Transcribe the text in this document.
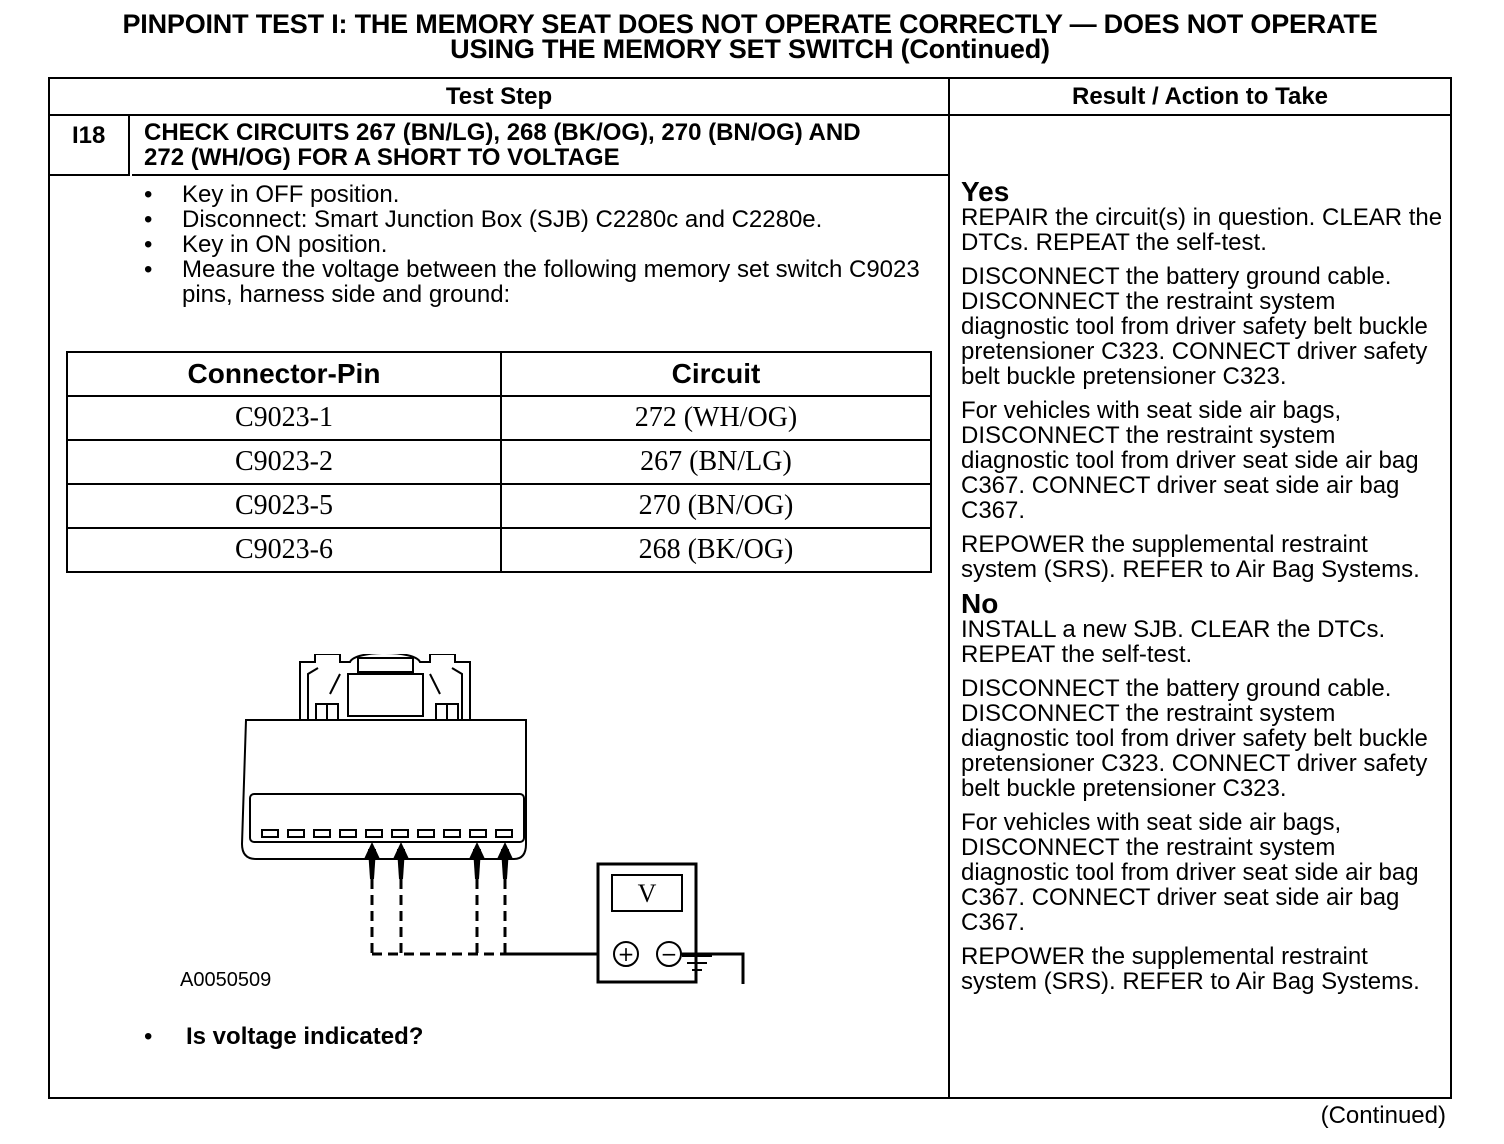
PINPOINT TEST I: THE MEMORY SEAT DOES NOT OPERATE CORRECTLY — DOES NOT OPERATE
USING THE MEMORY SET SWITCH (Continued)
Test Step	Result / Action to Take
I18	CHECK CIRCUITS 267 (BN/LG), 268 (BK/OG), 270 (BN/OG) AND
272 (WH/OG) FOR A SHORT TO VOLTAGE
• Key in OFF position.
• Disconnect: Smart Junction Box (SJB) C2280c and C2280e.
• Key in ON position.
• Measure the voltage between the following memory set switch C9023 pins, harness side and ground:
Connector-Pin	Circuit
C9023-1	272 (WH/OG)
C9023-2	267 (BN/LG)
C9023-5	270 (BN/OG)
C9023-6	268 (BK/OG)
V
+ −
A0050509
• Is voltage indicated?
Yes

REPAIR the circuit(s) in question. CLEAR the DTCs. REPEAT the self-test.

DISCONNECT the battery ground cable. DISCONNECT the restraint system diagnostic tool from driver safety belt buckle pretensioner C323. CONNECT driver safety belt buckle pretensioner C323.

For vehicles with seat side air bags, DISCONNECT the restraint system diagnostic tool from driver seat side air bag C367. CONNECT driver seat side air bag C367.

REPOWER the supplemental restraint system (SRS). REFER to Air Bag Systems.

No

INSTALL a new SJB. CLEAR the DTCs. REPEAT the self-test.

DISCONNECT the battery ground cable. DISCONNECT the restraint system diagnostic tool from driver safety belt buckle pretensioner C323. CONNECT driver safety belt buckle pretensioner C323.

For vehicles with seat side air bags, DISCONNECT the restraint system diagnostic tool from driver seat side air bag C367. CONNECT driver seat side air bag C367.

REPOWER the supplemental restraint system (SRS). REFER to Air Bag Systems.

(Continued)
